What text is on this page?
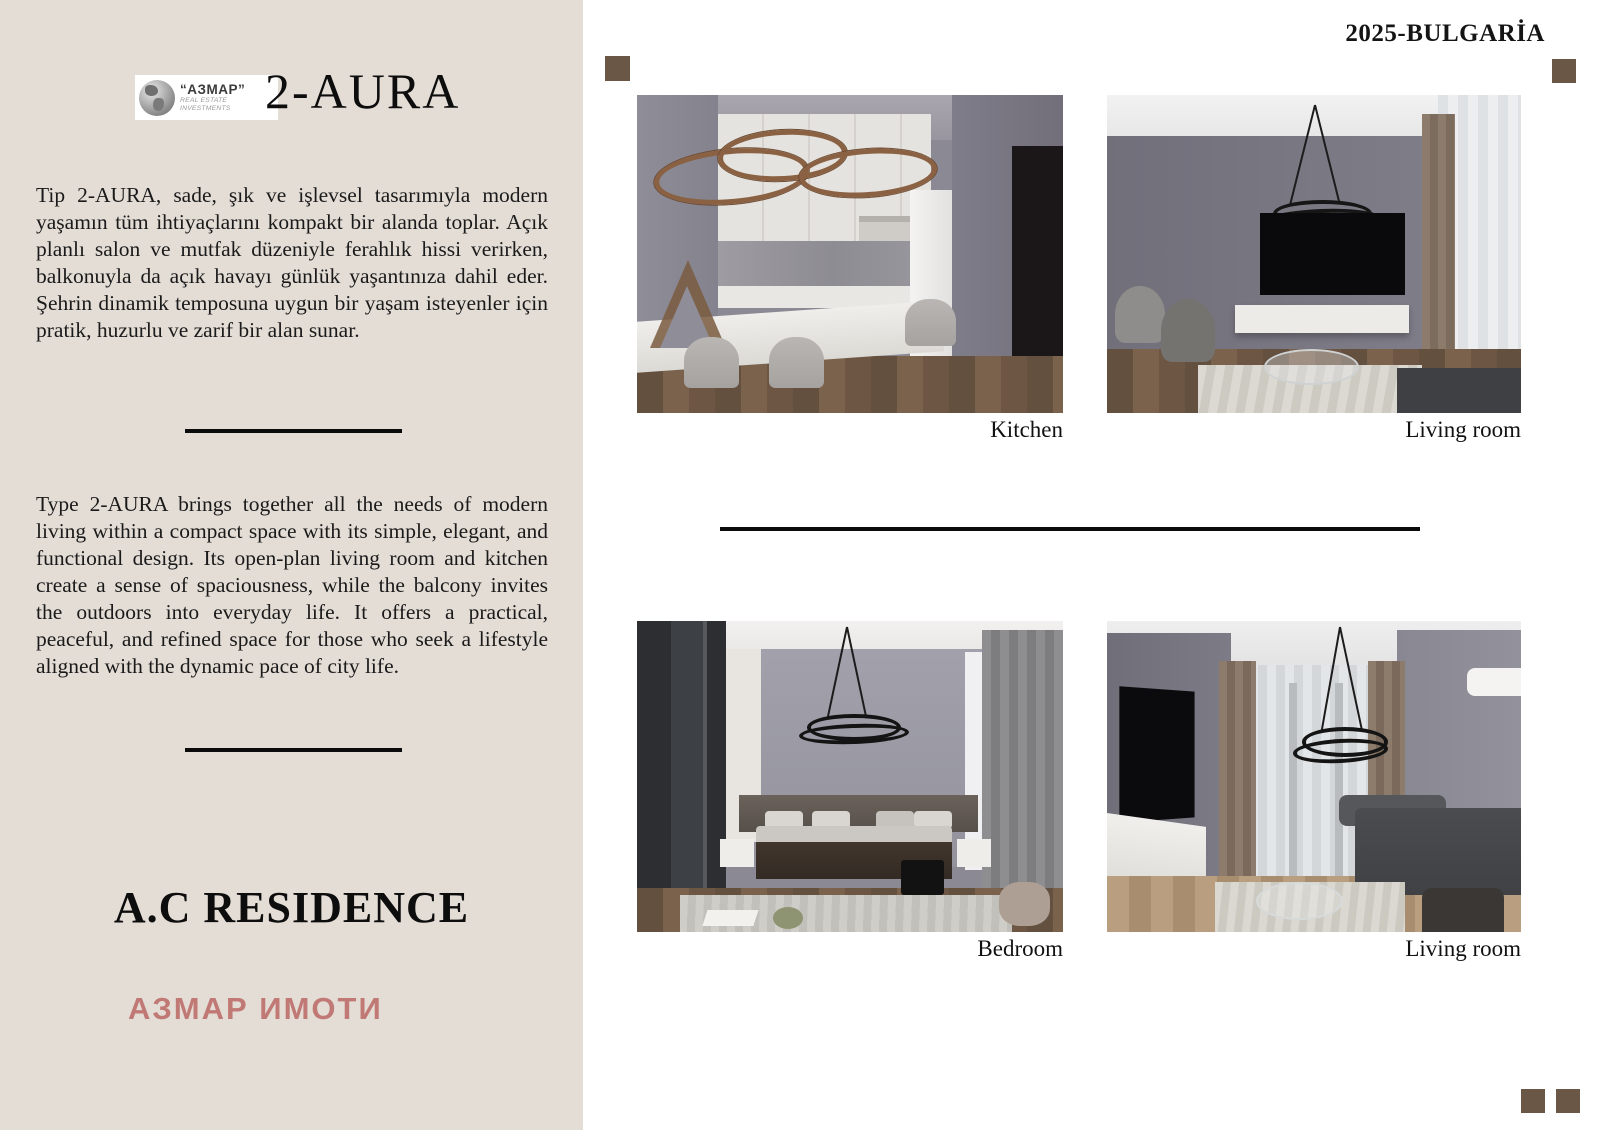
“АЗМАР”
REAL ESTATE INVESTMENTS 2-AURA

Tip 2-AURA, sade, şık ve işlevsel tasarımıyla modern yaşamın tüm ihtiyaçlarını kompakt bir alanda toplar. Açık planlı salon ve mutfak düzeniyle ferahlık hissi verirken, balkonuyla da açık havayı günlük yaşantınıza dahil eder. Şehrin dinamik temposuna uygun bir yaşam isteyenler için pratik, huzurlu ve zarif bir alan sunar.

Type 2-AURA brings together all the needs of modern living within a compact space with its simple, elegant, and functional design. Its open-plan living room and kitchen create a sense of spaciousness, while the balcony invites the outdoors into everyday life. It offers a practical, peaceful, and refined space for those who seek a lifestyle aligned with the dynamic pace of city life.

A.C RESIDENCE
АЗМАР ИМОТИ
2025-BULGARİA
Kitchen	Living room
Bedroom	Living room
